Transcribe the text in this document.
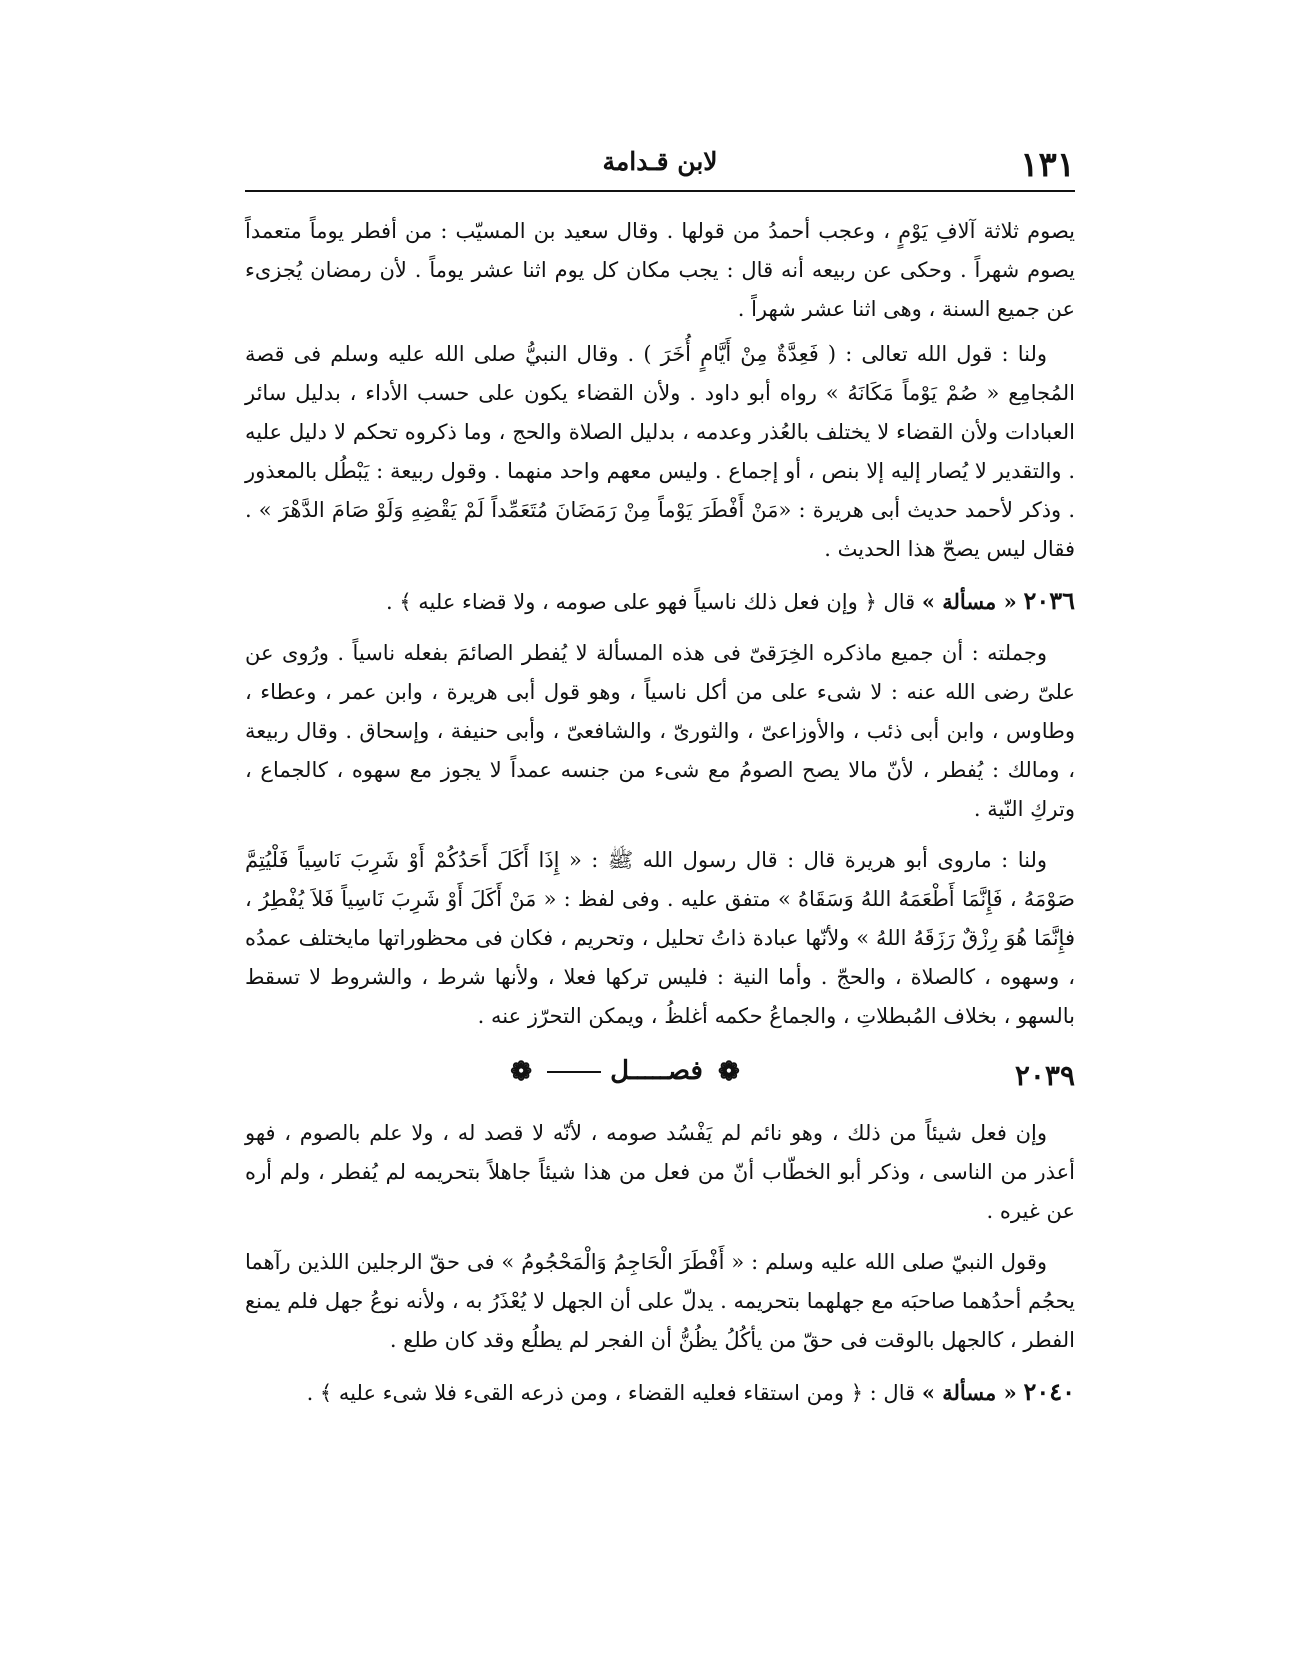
١٣١
لابن قـدامة

يصوم ثلاثة آلافِ يَوْمٍ ، وعجب أحمدُ من قولها . وقال سعيد بن المسيّب : من أفطر يوماً متعمداً يصوم شهراً . وحكى عن ربيعه أنه قال : يجب مكان كل يوم اثنا عشر يوماً . لأن رمضان يُجزىء عن جميع السنة ، وهى اثنا عشر شهراً .

ولنا : قول الله تعالى : ( فَعِدَّةٌ مِنْ أَيَّامٍ أُخَرَ ) . وقال النبيُّ صلى الله عليه وسلم فى قصة المُجامِع « صُمْ يَوْماً مَكَانَهُ » رواه أبو داود . ولأن القضاء يكون على حسب الأداء ، بدليل سائر العبادات ولأن القضاء لا يختلف بالعُذر وعدمه ، بدليل الصلاة والحج ، وما ذكروه تحكم لا دليل عليه . والتقدير لا يُصار إليه إلا بنص ، أو إجماع . وليس معهم واحد منهما . وقول ربيعة : يَبْطُل بالمعذور . وذكر لأحمد حديث أبى هريرة : «مَنْ أَفْطَرَ يَوْماً مِنْ رَمَضَانَ مُتَعَمِّداً لَمْ يَقْضِهِ وَلَوْ صَامَ الدَّهْرَ » . فقال ليس يصحّ هذا الحديث .

٢٠٣٦ « مسألة » قال ﴿ وإن فعل ذلك ناسياً فهو على صومه ، ولا قضاء عليه ﴾ .

وجملته : أن جميع ماذكره الخِرَقىّ فى هذه المسألة لا يُفطر الصائمَ بفعله ناسياً . ورُوى عن علىّ رضى الله عنه : لا شىء على من أكل ناسياً ، وهو قول أبى هريرة ، وابن عمر ، وعطاء ، وطاوس ، وابن أبى ذئب ، والأوزاعىّ ، والثورىّ ، والشافعىّ ، وأبى حنيفة ، وإسحاق . وقال ربيعة ، ومالك : يُفطر ، لأنّ مالا يصح الصومُ مع شىء من جنسه عمداً لا يجوز مع سهوه ، كالجماع ، وتركِ النّية .

ولنا : ماروى أبو هريرة قال : قال رسول الله ﷺ : « إِذَا أَكَلَ أَحَدُكُمْ أَوْ شَرِبَ نَاسِياً فَلْيُتِمَّ صَوْمَهُ ، فَإِنَّمَا أَطْعَمَهُ اللهُ وَسَقَاهُ » متفق عليه . وفى لفظ : « مَنْ أَكَلَ أَوْ شَرِبَ نَاسِياً فَلاَ يُفْطِرُ ، فإِنَّمَا هُوَ رِزْقٌ رَزَقَهُ اللهُ » ولأنّها عبادة ذاتُ تحليل ، وتحريم ، فكان فى محظوراتها مايختلف عمدُه ، وسهوه ، كالصلاة ، والحجّ . وأما النية : فليس تركها فعلا ، ولأنها شرط ، والشروط لا تسقط بالسهو ، بخلاف المُبطلاتِ ، والجماعُ حكمه أغلظُ ، ويمكن التحرّز عنه .

٢٠٣٩
❁ فصـــــل  ❁

وإن فعل شيئاً من ذلك ، وهو نائم لم يَفْسُد صومه ، لأنّه لا قصد له ، ولا علم بالصوم ، فهو أعذر من الناسى ، وذكر أبو الخطّاب أنّ من فعل من هذا شيئاً جاهلاً بتحريمه لم يُفطر ، ولم أره عن غيره .

وقول النبيّ صلى الله عليه وسلم : « أَفْطَرَ الْحَاجِمُ وَالْمَحْجُومُ » فى حقّ الرجلين اللذين رآهما يحجُم أحدُهما صاحبَه مع جهلهما بتحريمه . يدلّ على أن الجهل لا يُعْذَرُ به ، ولأنه نوعُ جهل فلم يمنع الفطر ، كالجهل بالوقت فى حقّ من يأكُلُ يظُنُّ أن الفجر لم يطلُع وقد كان طلع .

٢٠٤٠ « مسألة » قال : ﴿ ومن استقاء فعليه القضاء ، ومن ذرعه القىء فلا شىء عليه ﴾ .
